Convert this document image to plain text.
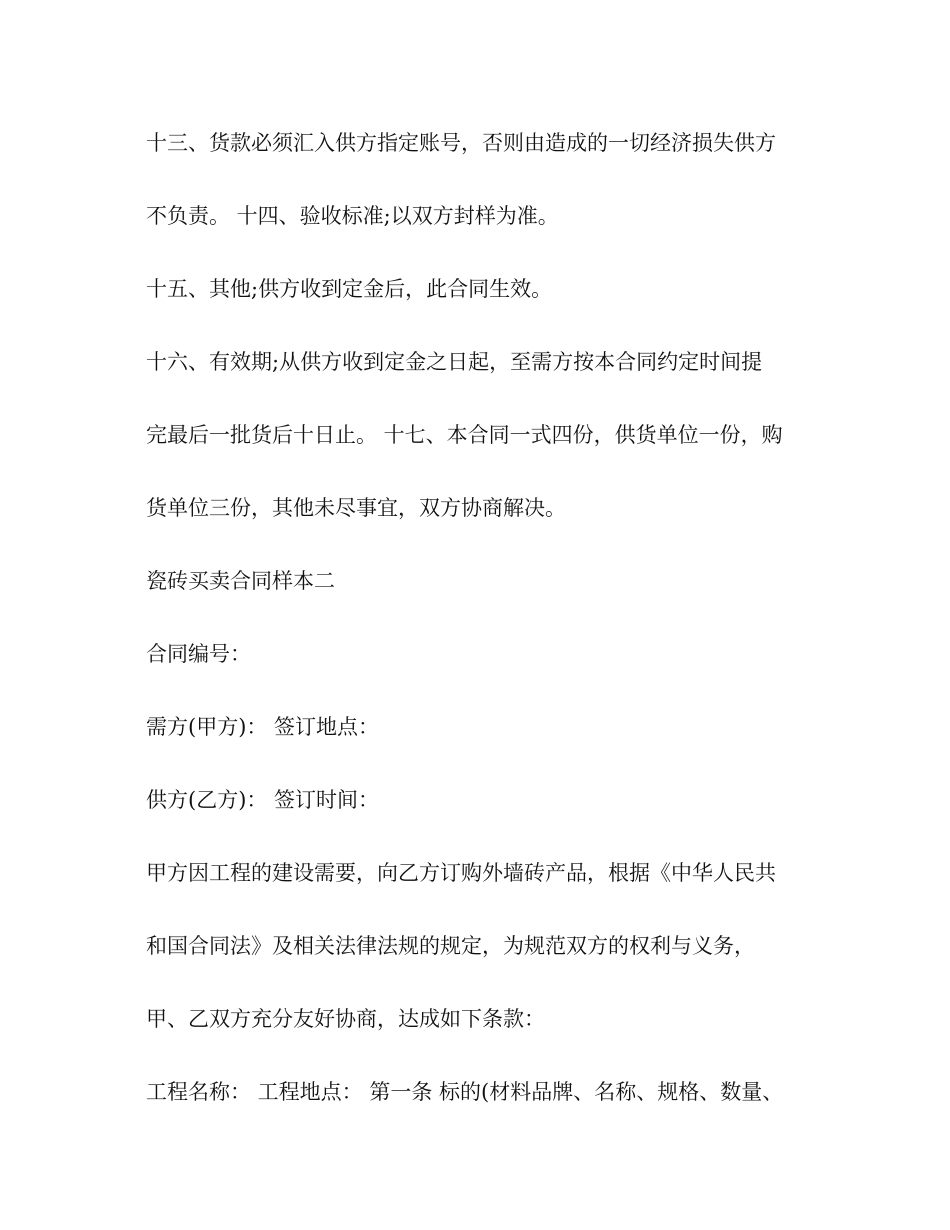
十三、货款必须汇入供方指定账号，否则由造成的一切经济损失供方
不负责。 十四、验收标准;以双方封样为准。
十五、其他;供方收到定金后，此合同生效。
十六、有效期;从供方收到定金之日起，至需方按本合同约定时间提
完最后一批货后十日止。 十七、本合同一式四份，供货单位一份，购
货单位三份，其他未尽事宜，双方协商解决。
瓷砖买卖合同样本二
合同编号：
需方(甲方)： 签订地点：
供方(乙方)： 签订时间：
甲方因工程的建设需要，向乙方订购外墙砖产品，根据《中华人民共
和国合同法》及相关法律法规的规定，为规范双方的权利与义务，
甲、乙双方充分友好协商，达成如下条款：
工程名称： 工程地点： 第一条 标的(材料品牌、名称、规格、数量、
